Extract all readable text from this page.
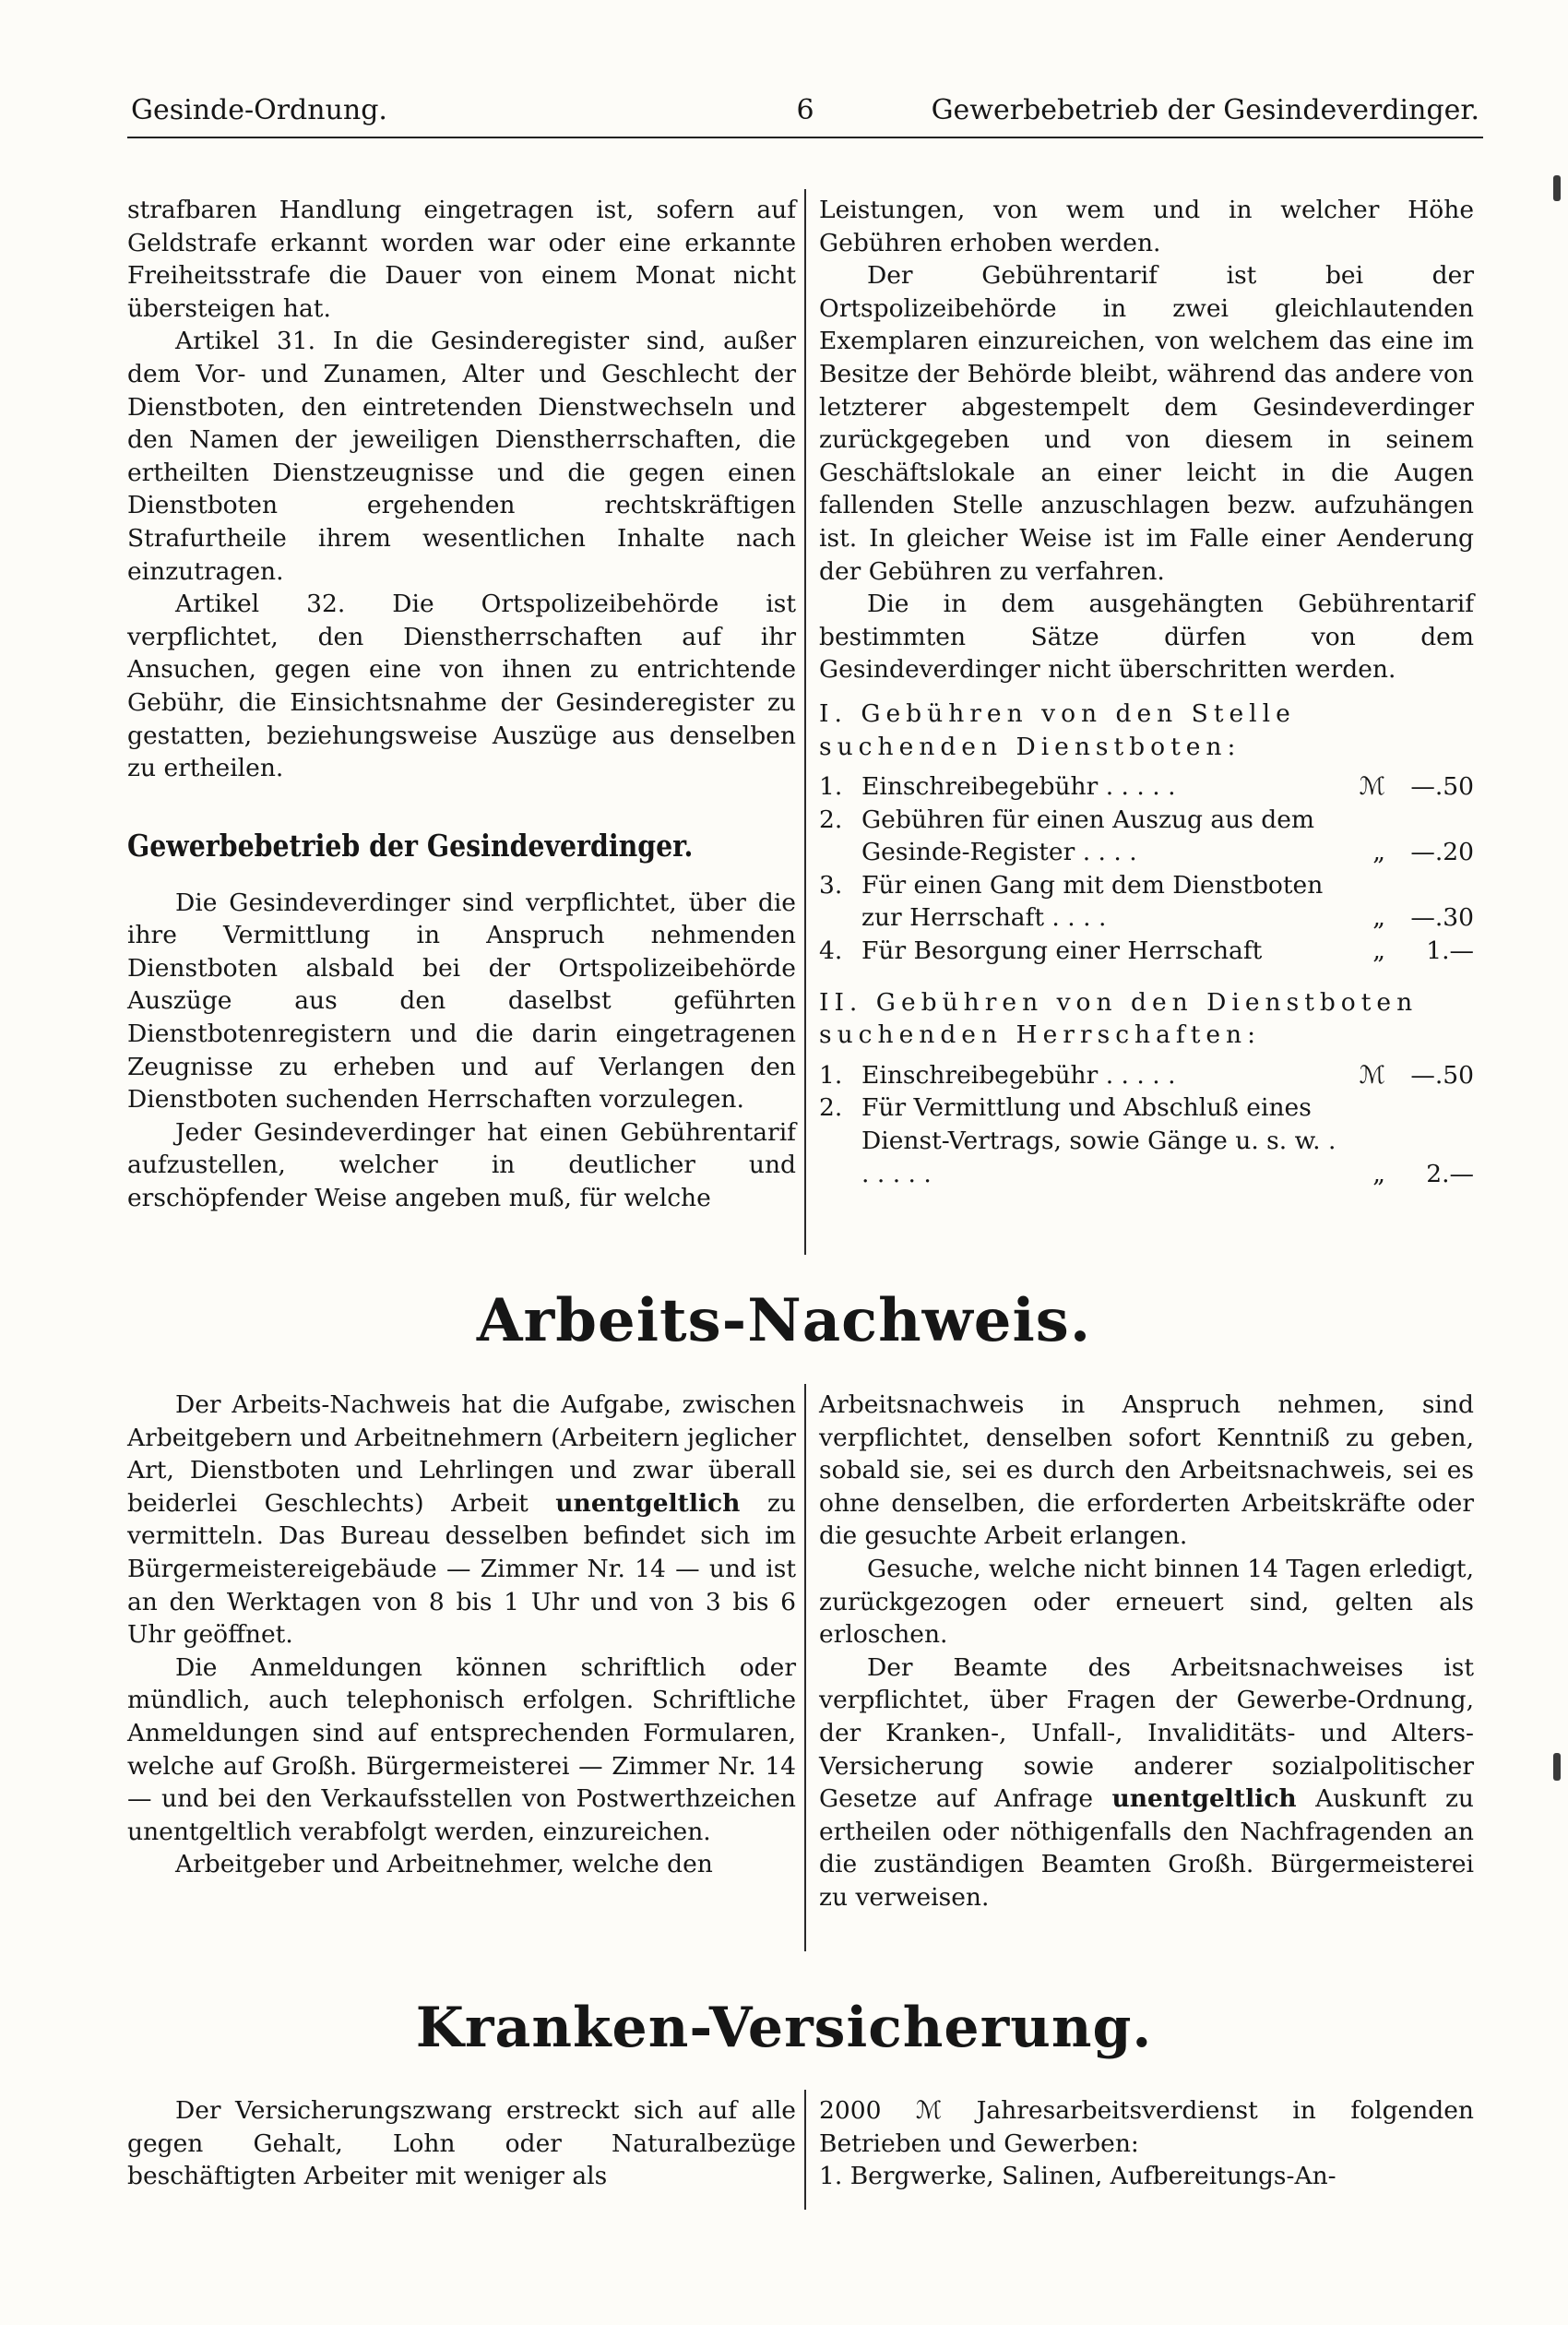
Gesinde-Ordnung.	6	Gewerbebetrieb der Gesindeverdinger.

strafbaren Handlung eingetragen ist, sofern auf Geldstrafe erkannt worden war oder eine erkannte Freiheitsstrafe die Dauer von einem Monat nicht übersteigen hat.

Artikel 31. In die Gesinderegister sind, außer dem Vor- und Zunamen, Alter und Geschlecht der Dienstboten, den eintretenden Dienstwechseln und den Namen der jeweiligen Dienstherrschaften, die ertheilten Dienstzeugnisse und die gegen einen Dienstboten ergehenden rechtskräftigen Strafurtheile ihrem wesentlichen Inhalte nach einzutragen.

Artikel 32. Die Ortspolizeibehörde ist verpflichtet, den Dienstherrschaften auf ihr Ansuchen, gegen eine von ihnen zu entrichtende Gebühr, die Einsichtsnahme der Gesinderegister zu gestatten, beziehungsweise Auszüge aus denselben zu ertheilen.

Gewerbebetrieb der Gesindeverdinger.

Die Gesindeverdinger sind verpflichtet, über die ihre Vermittlung in Anspruch nehmenden Dienstboten alsbald bei der Ortspolizeibehörde Auszüge aus den daselbst geführten Dienstbotenregistern und die darin eingetragenen Zeugnisse zu erheben und auf Verlangen den Dienstboten suchenden Herrschaften vorzulegen.

Jeder Gesindeverdinger hat einen Gebührentarif aufzustellen, welcher in deutlicher und erschöpfender Weise angeben muß, für welche

Leistungen, von wem und in welcher Höhe Gebühren erhoben werden.

Der Gebührentarif ist bei der Ortspolizeibehörde in zwei gleichlautenden Exemplaren einzureichen, von welchem das eine im Besitze der Behörde bleibt, während das andere von letzterer abgestempelt dem Gesindeverdinger zurückgegeben und von diesem in seinem Geschäftslokale an einer leicht in die Augen fallenden Stelle anzuschlagen bezw. aufzuhängen ist. In gleicher Weise ist im Falle einer Aenderung der Gebühren zu verfahren.

Die in dem ausgehängten Gebührentarif bestimmten Sätze dürfen von dem Gesindeverdinger nicht überschritten werden.

I. Gebühren von den Stelle

suchenden Dienstboten:

1. Einschreibegebühr . . . . .	ℳ	—.50
2. Gebühren für einen Auszug aus dem Gesinde-Register . . . .	„	—.20
3. Für einen Gang mit dem Dienstboten zur Herrschaft . . . .	„	—.30
4. Für Besorgung einer Herrschaft	„	1.—

II. Gebühren von den Dienstboten

suchenden Herrschaften:

1. Einschreibegebühr . . . . .	ℳ	—.50
2. Für Vermittlung und Abschluß eines Dienst-Vertrags, sowie Gänge u. s. w. . . . . . .	„	2.—
Arbeits-Nachweis.

Der Arbeits-Nachweis hat die Aufgabe, zwischen Arbeitgebern und Arbeitnehmern (Arbeitern jeglicher Art, Dienstboten und Lehrlingen und zwar überall beiderlei Geschlechts) Arbeit unentgeltlich zu vermitteln. Das Bureau desselben befindet sich im Bürgermeistereigebäude — Zimmer Nr. 14 — und ist an den Werktagen von 8 bis 1 Uhr und von 3 bis 6 Uhr geöffnet.

Die Anmeldungen können schriftlich oder mündlich, auch telephonisch erfolgen. Schriftliche Anmeldungen sind auf entsprechenden Formularen, welche auf Großh. Bürgermeisterei — Zimmer Nr. 14 — und bei den Verkaufsstellen von Postwerthzeichen unentgeltlich verabfolgt werden, einzureichen.

Arbeitgeber und Arbeitnehmer, welche den

Arbeitsnachweis in Anspruch nehmen, sind verpflichtet, denselben sofort Kenntniß zu geben, sobald sie, sei es durch den Arbeitsnachweis, sei es ohne denselben, die erforderten Arbeitskräfte oder die gesuchte Arbeit erlangen.

Gesuche, welche nicht binnen 14 Tagen erledigt, zurückgezogen oder erneuert sind, gelten als erloschen.

Der Beamte des Arbeitsnachweises ist verpflichtet, über Fragen der Gewerbe-Ordnung, der Kranken-, Unfall-, Invaliditäts- und Alters- Versicherung sowie anderer sozialpolitischer Gesetze auf Anfrage unentgeltlich Auskunft zu ertheilen oder nöthigenfalls den Nachfragenden an die zuständigen Beamten Großh. Bürgermeisterei zu verweisen.

Kranken-Versicherung.

Der Versicherungszwang erstreckt sich auf alle gegen Gehalt, Lohn oder Naturalbezüge beschäftigten Arbeiter mit weniger als

2000 ℳ Jahresarbeitsverdienst in folgenden Betrieben und Gewerben:

1. Bergwerke, Salinen, Aufbereitungs-An-
